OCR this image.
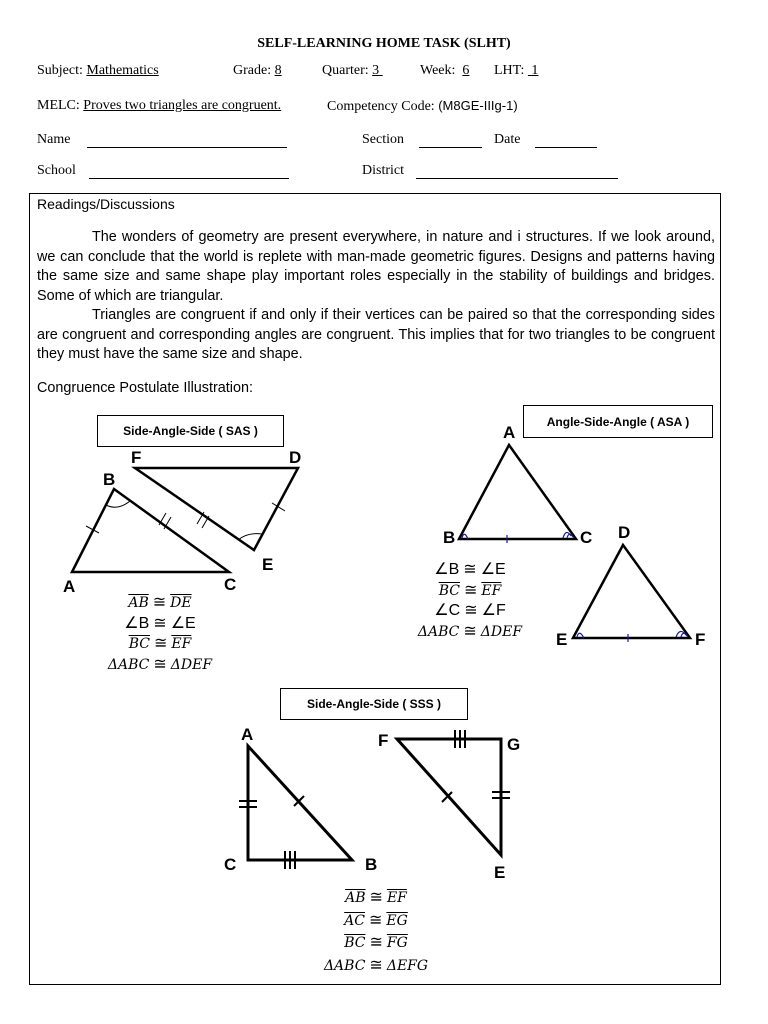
SELF-LEARNING HOME TASK (SLHT)
Subject: Mathematics	Grade: 8	Quarter: 3	Week: 6 LHT: 1
MELC: Proves two triangles are congruent.	Competency Code: (M8GE-IIIg-1)
Name	Section	Date
School	District
Readings/Discussions

The wonders of geometry are present everywhere, in nature and i structures. If we look around, we can conclude that the world is replete with man-made geometric figures. Designs and patterns having the same size and same shape play important roles especially in the stability of buildings and bridges. Some of which are triangular.

Triangles are congruent if and only if their vertices can be paired so that the corresponding sides are congruent and corresponding angles are congruent. This implies that for two triangles to be congruent they must have the same size and shape.

Congruence Postulate Illustration:
Side-Angle-Side ( SAS )
Angle-Side-Angle ( ASA )
Side-Angle-Side ( SSS )
A
B
C
D
E
F
A
B	C D
E	F
A
B
C	E
F	G
$\overline{AB}$ ≅ $\overline{DE}$
∠B ≅ ∠E
$\overline{BC}$ ≅ $\overline{EF}$
ΔABC ≅ ΔDEF
∠B ≅ ∠E
$\overline{BC}$ ≅ $\overline{EF}$
∠C ≅ ∠F
ΔABC ≅ ΔDEF
$\overline{AB}$ ≅ $\overline{EF}$
$\overline{AC}$ ≅ $\overline{EG}$
$\overline{BC}$ ≅ $\overline{FG}$
ΔABC ≅ ΔEFG
